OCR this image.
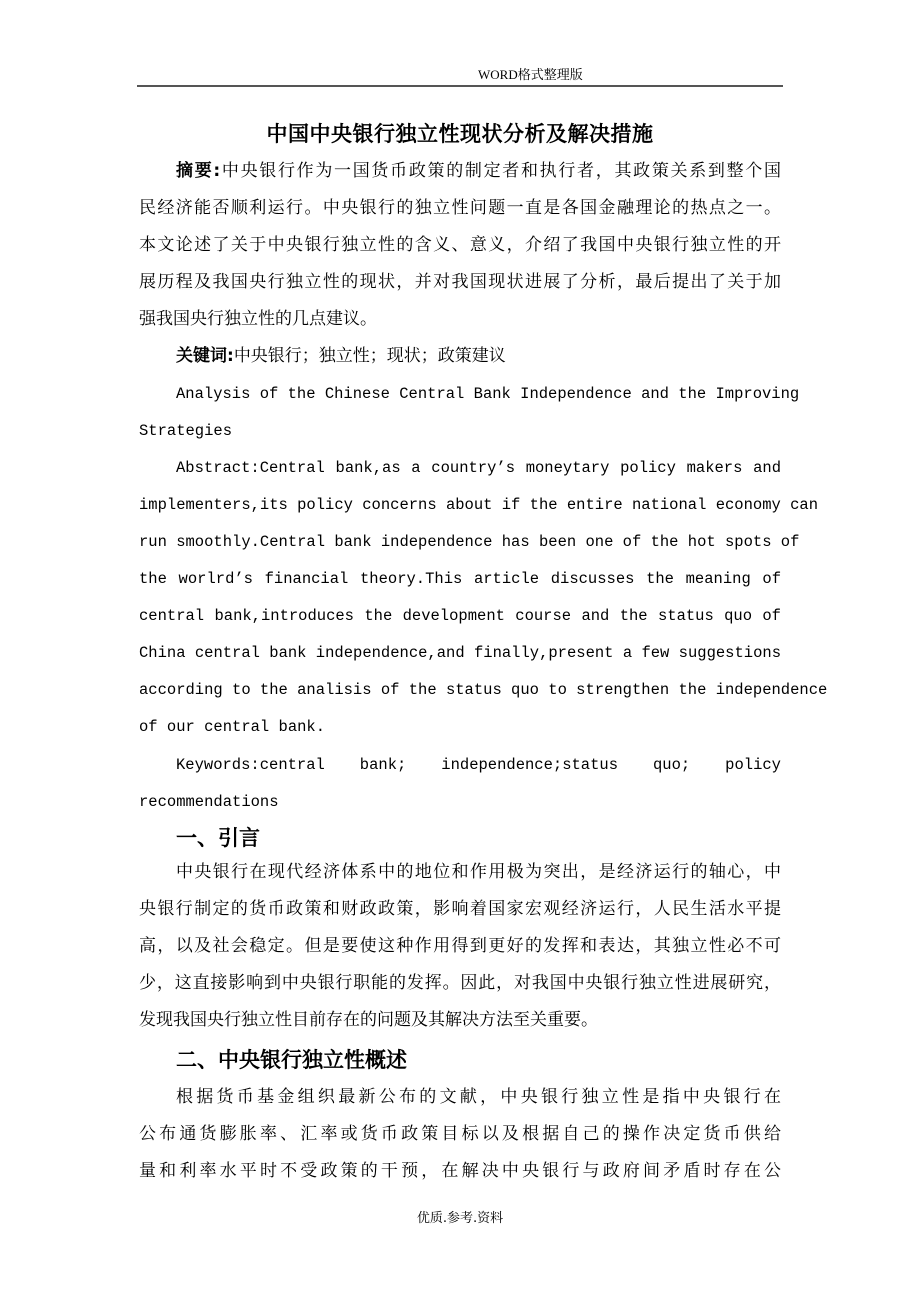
WORD格式整理版
中国中央银行独立性现状分析及解决措施
摘要:中央银行作为一国货币政策的制定者和执行者，其政策关系到整个国
民经济能否顺利运行。中央银行的独立性问题一直是各国金融理论的热点之一。
本文论述了关于中央银行独立性的含义、意义，介绍了我国中央银行独立性的开
展历程及我国央行独立性的现状，并对我国现状进展了分析，最后提出了关于加
强我国央行独立性的几点建议。
关键词:中央银行；独立性；现状；政策建议
Analysis of the Chinese Central Bank Independence and the Improving
Strategies
Abstract:Central bank,as a country’s moneytary policy makers and
implementers,its policy concerns about if the entire national economy can
run smoothly.Central bank independence has been one of the hot spots of
the worlrd’s financial theory.This article discusses the meaning of
central bank,introduces the development course and the status quo of
China central bank independence,and finally,present a few suggestions
according to the analisis of the status quo to strengthen the independence
of our central bank.
Keywords:central bank; independence;status quo; policy
recommendations
一、引言
中央银行在现代经济体系中的地位和作用极为突出，是经济运行的轴心，中
央银行制定的货币政策和财政政策，影响着国家宏观经济运行，人民生活水平提
高，以及社会稳定。但是要使这种作用得到更好的发挥和表达，其独立性必不可
少，这直接影响到中央银行职能的发挥。因此，对我国中央银行独立性进展研究，
发现我国央行独立性目前存在的问题及其解决方法至关重要。
二、中央银行独立性概述
根据货币基金组织最新公布的文献，中央银行独立性是指中央银行在
公布通货膨胀率、汇率或货币政策目标以及根据自己的操作决定货币供给
量和利率水平时不受政策的干预，在解决中央银行与政府间矛盾时存在公
优质.参考.资料
